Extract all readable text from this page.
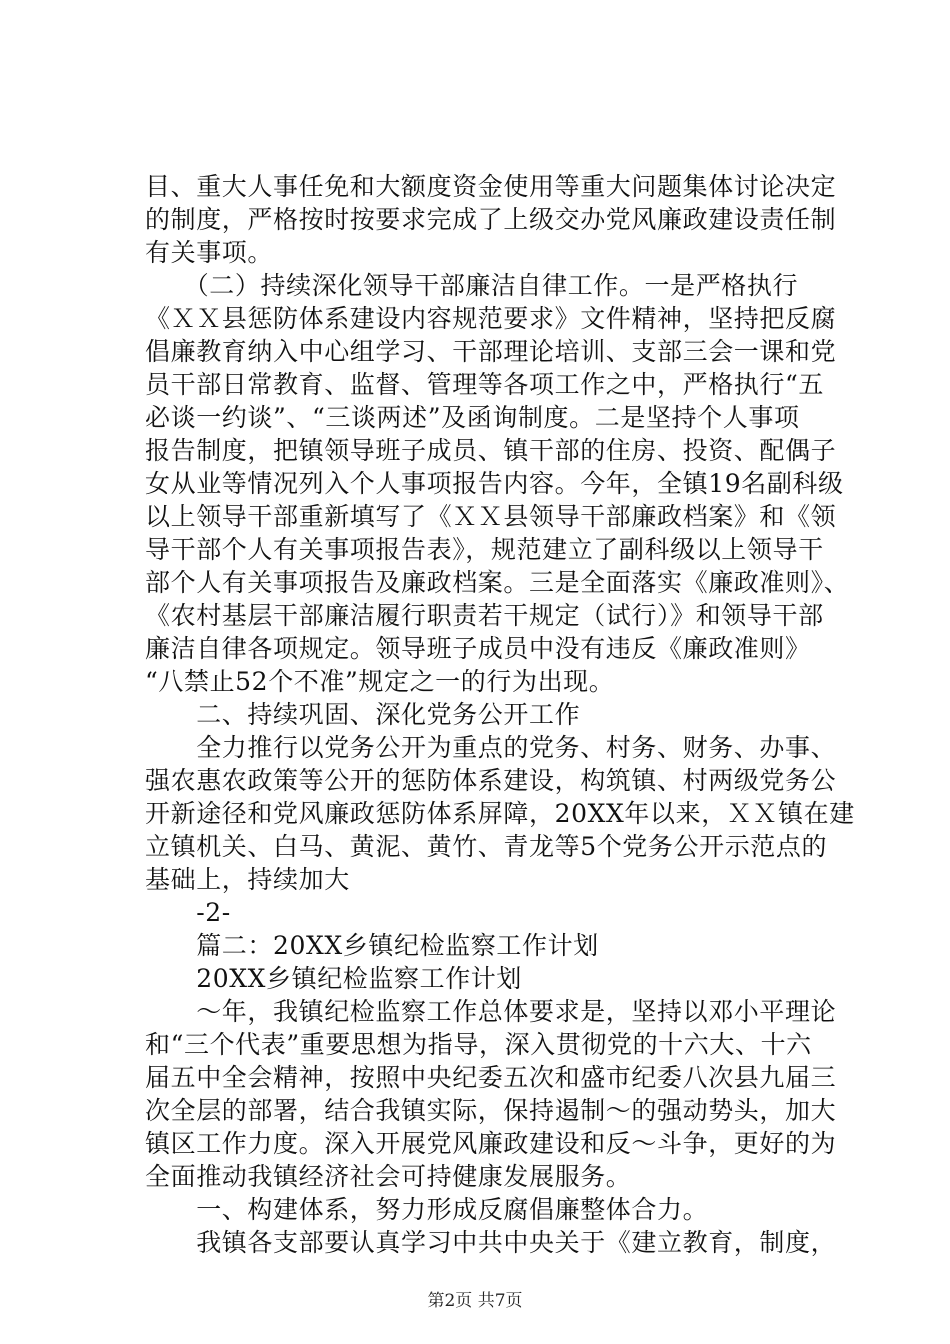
目、重大人事任免和大额度资金使用等重大问题集体讨论决定
的制度，严格按时按要求完成了上级交办党风廉政建设责任制
有关事项。
　　（二）持续深化领导干部廉洁自律工作。一是严格执行
《ＸＸ县惩防体系建设内容规范要求》文件精神，坚持把反腐
倡廉教育纳入中心组学习、干部理论培训、支部三会一课和党
员干部日常教育、监督、管理等各项工作之中，严格执行“五
必谈一约谈”、“三谈两述”及函询制度。二是坚持个人事项
报告制度，把镇领导班子成员、镇干部的住房、投资、配偶子
女从业等情况列入个人事项报告内容。今年，全镇19名副科级
以上领导干部重新填写了《ＸＸ县领导干部廉政档案》和《领
导干部个人有关事项报告表》，规范建立了副科级以上领导干
部个人有关事项报告及廉政档案。三是全面落实《廉政准则》、
《农村基层干部廉洁履行职责若干规定（试行）》和领导干部
廉洁自律各项规定。领导班子成员中没有违反《廉政准则》
“八禁止52个不准”规定之一的行为出现。
　　二、持续巩固、深化党务公开工作
　　全力推行以党务公开为重点的党务、村务、财务、办事、
强农惠农政策等公开的惩防体系建设，构筑镇、村两级党务公
开新途径和党风廉政惩防体系屏障，20XX年以来，ＸＸ镇在建
立镇机关、白马、黄泥、黄竹、青龙等5个党务公开示范点的
基础上，持续加大
　　-2-
　　篇二：20XX乡镇纪检监察工作计划
　　20XX乡镇纪检监察工作计划
　　～年，我镇纪检监察工作总体要求是，坚持以邓小平理论
和“三个代表”重要思想为指导，深入贯彻党的十六大、十六
届五中全会精神，按照中央纪委五次和盛市纪委八次县九届三
次全层的部署，结合我镇实际，保持遏制～的强动势头，加大
镇区工作力度。深入开展党风廉政建设和反～斗争，更好的为
全面推动我镇经济社会可持健康发展服务。
　　一、构建体系，努力形成反腐倡廉整体合力。
　　我镇各支部要认真学习中共中央关于《建立教育，制度，
第2页 共7页
